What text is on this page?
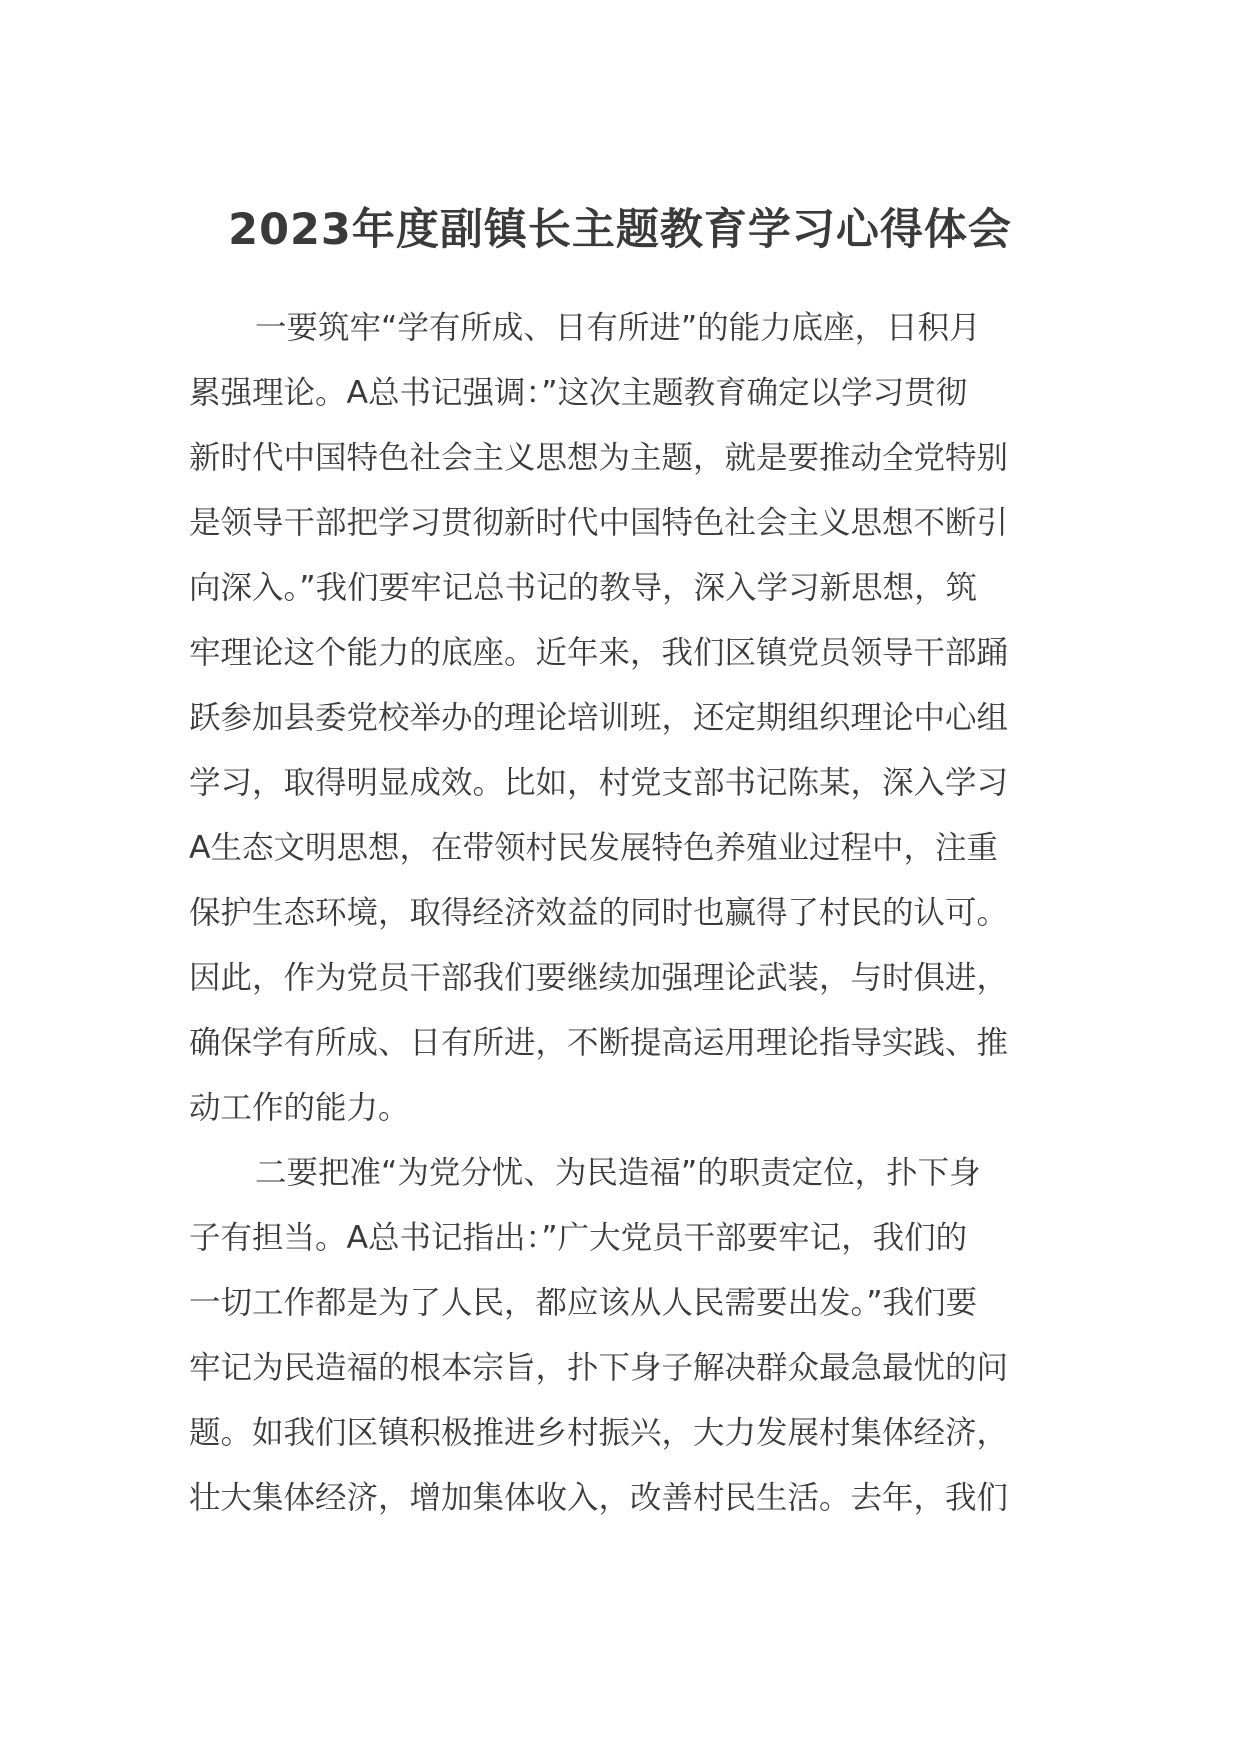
2023年度副镇长主题教育学习心得体会
一要筑牢“学有所成、日有所进”的能力底座，日积月
累强理论。A总书记强调：”这次主题教育确定以学习贯彻
新时代中国特色社会主义思想为主题，就是要推动全党特别
是领导干部把学习贯彻新时代中国特色社会主义思想不断引
向深入。”我们要牢记总书记的教导，深入学习新思想，筑
牢理论这个能力的底座。近年来，我们区镇党员领导干部踊
跃参加县委党校举办的理论培训班，还定期组织理论中心组
学习，取得明显成效。比如，村党支部书记陈某，深入学习
A生态文明思想，在带领村民发展特色养殖业过程中，注重
保护生态环境，取得经济效益的同时也赢得了村民的认可。
因此，作为党员干部我们要继续加强理论武装，与时俱进，
确保学有所成、日有所进，不断提高运用理论指导实践、推
动工作的能力。
二要把准“为党分忧、为民造福”的职责定位，扑下身
子有担当。A总书记指出：”广大党员干部要牢记，我们的
一切工作都是为了人民，都应该从人民需要出发。”我们要
牢记为民造福的根本宗旨，扑下身子解决群众最急最忧的问
题。如我们区镇积极推进乡村振兴，大力发展村集体经济，
壮大集体经济，增加集体收入，改善村民生活。去年，我们
